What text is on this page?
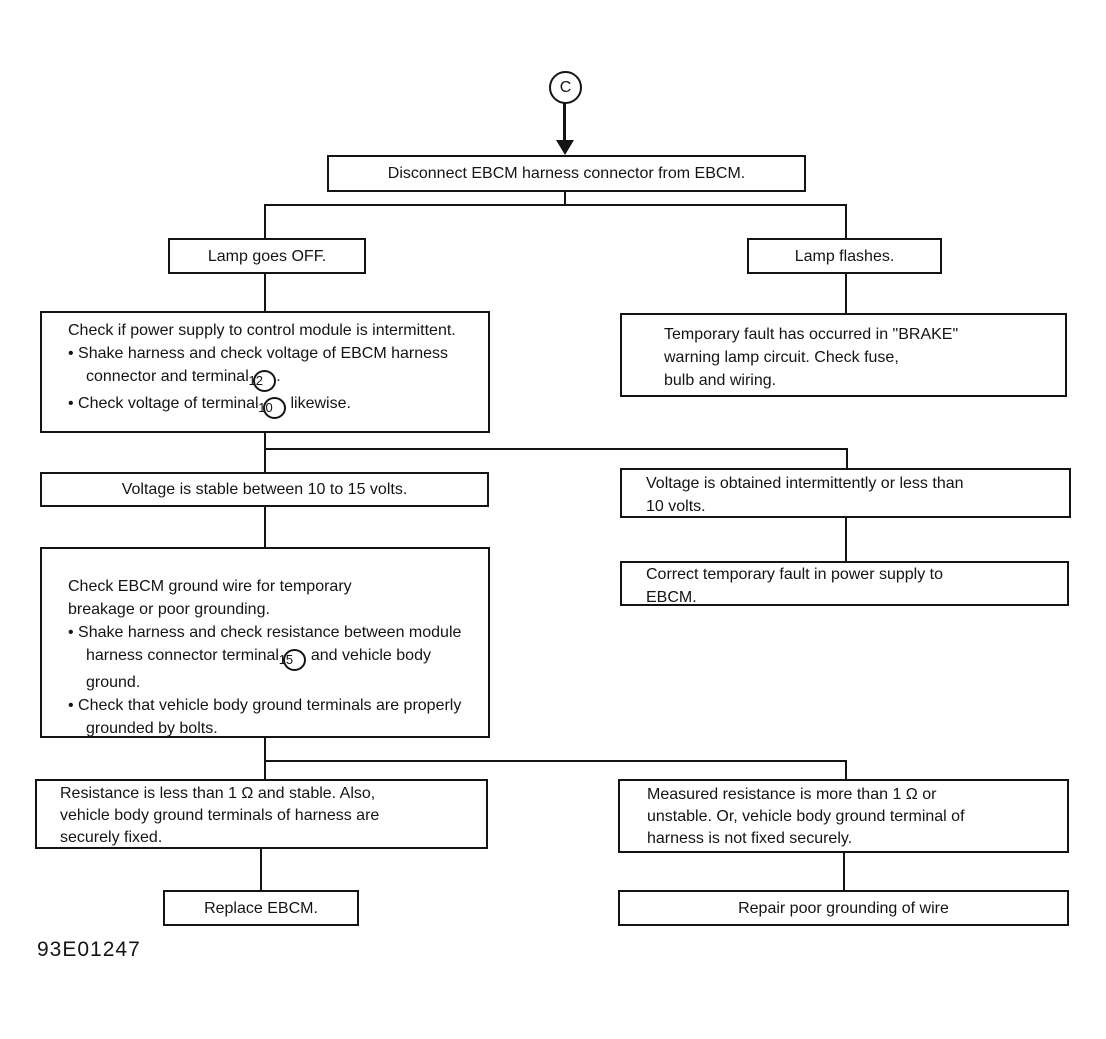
C
Disconnect EBCM harness connector from EBCM.
Lamp goes OFF.	Lamp flashes.
Check if power supply to control module is intermittent.
• Shake harness and check voltage of EBCM harness connector and terminal 12 .
• Check voltage of terminal 10 likewise.
Temporary fault has occurred in "BRAKE"
warning lamp circuit. Check fuse,
bulb and wiring.
Voltage is stable between 10 to 15 volts.	Voltage is obtained intermittently or less than
10 volts.
Check EBCM ground wire for temporary
breakage or poor grounding.
• Shake harness and check resistance between module harness connector terminal 15 and vehicle body ground.
• Check that vehicle body ground terminals are properly grounded by bolts.
Correct temporary fault in power supply to
EBCM.
Resistance is less than 1 Ω and stable. Also,
vehicle body ground terminals of harness are
securely fixed.
Measured resistance is more than 1 Ω or
unstable. Or, vehicle body ground terminal of
harness is not fixed securely.
Replace EBCM.	Repair poor grounding of wire
93E01247
